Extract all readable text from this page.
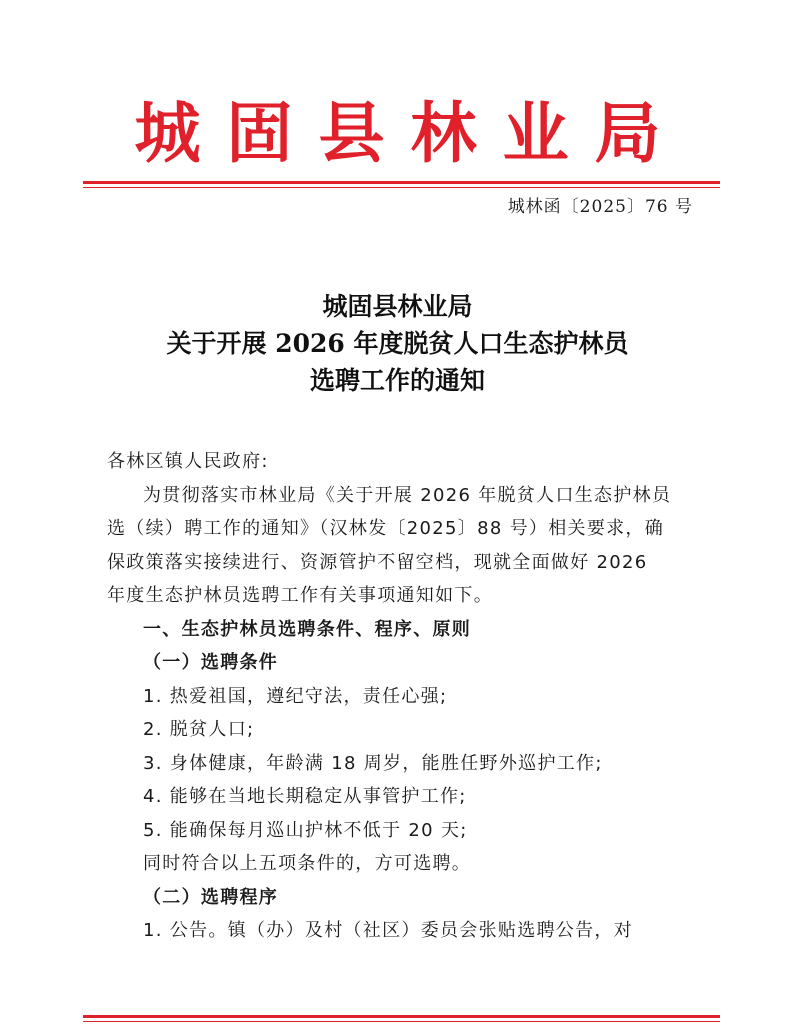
城固县林业局
城林函〔2025〕76 号
城固县林业局
关于开展 2026 年度脱贫人口生态护林员
选聘工作的通知

各林区镇人民政府:

为贯彻落实市林业局《关于开展 2026 年脱贫人口生态护林员

选（续）聘工作的通知》（汉林发〔2025〕88 号）相关要求，确

保政策落实接续进行、资源管护不留空档，现就全面做好 2026

年度生态护林员选聘工作有关事项通知如下。

一、生态护林员选聘条件、程序、原则

（一）选聘条件

1. 热爱祖国，遵纪守法，责任心强;

2. 脱贫人口;

3. 身体健康，年龄满 18 周岁，能胜任野外巡护工作;

4. 能够在当地长期稳定从事管护工作;

5. 能确保每月巡山护林不低于 20 天;

同时符合以上五项条件的，方可选聘。

（二）选聘程序

1. 公告。镇（办）及村（社区）委员会张贴选聘公告，对
